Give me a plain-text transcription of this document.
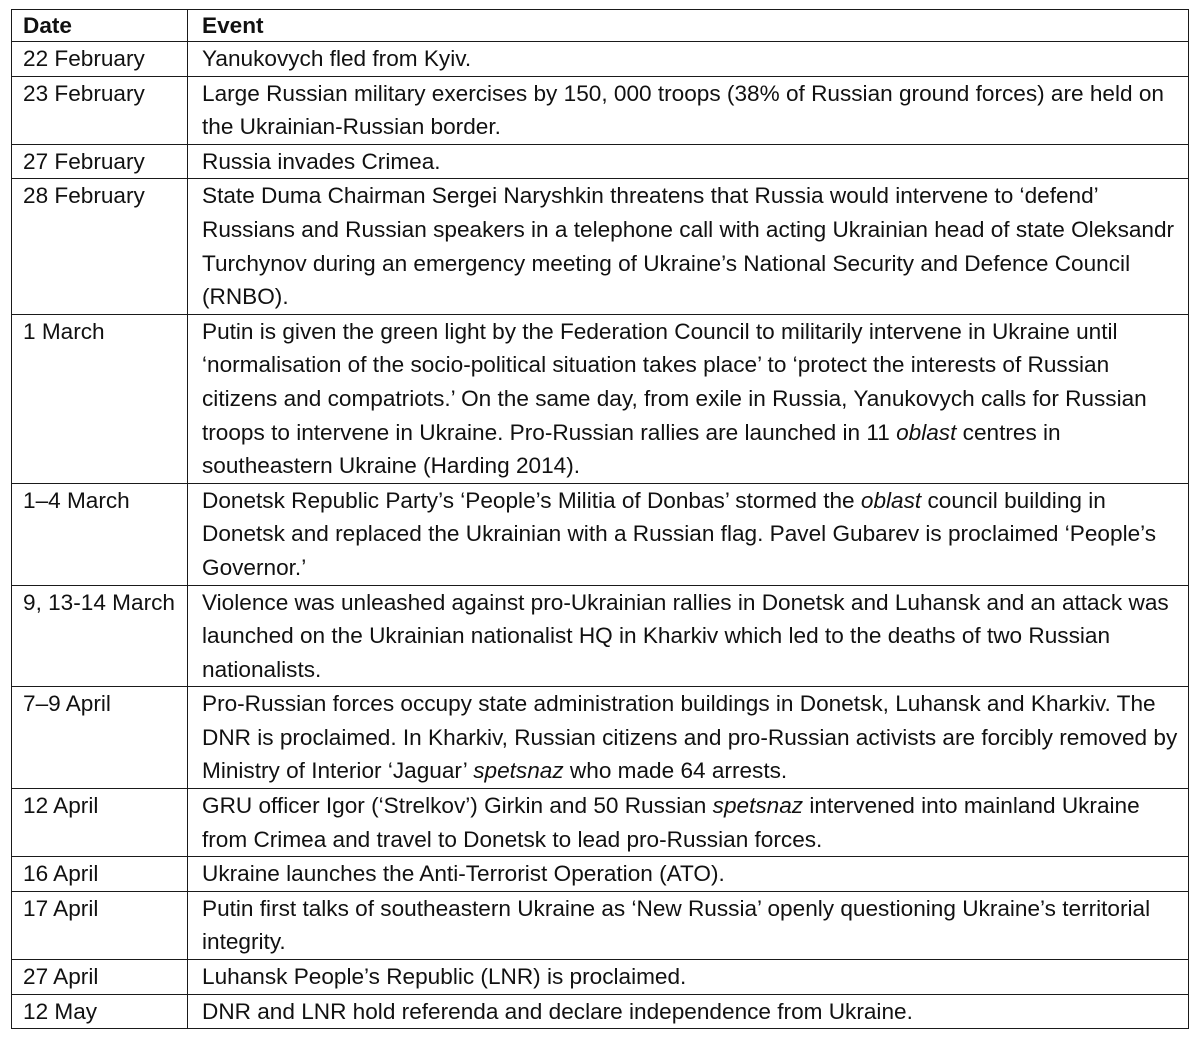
Date	Event
22 February	Yanukovych fled from Kyiv.
23 February	Large Russian military exercises by 150, 000 troops (38% of Russian ground forces) are held on the Ukrainian-Russian border.
27 February	Russia invades Crimea.
28 February	State Duma Chairman Sergei Naryshkin threatens that Russia would intervene to ‘defend’ Russians and Russian speakers in a telephone call with acting Ukrainian head of state Oleksandr Turchynov during an emergency meeting of Ukraine’s National Security and Defence Council (RNBO).
1 March	Putin is given the green light by the Federation Council to militarily intervene in Ukraine until ‘normalisation of the socio-political situation takes place’ to ‘protect the interests of Russian citizens and compatriots.’ On the same day, from exile in Russia, Yanukovych calls for Russian troops to intervene in Ukraine. Pro-Russian rallies are launched in 11 oblast centres in southeastern Ukraine (Harding 2014).
1–4 March	Donetsk Republic Party’s ‘People’s Militia of Donbas’ stormed the oblast council building in Donetsk and replaced the Ukrainian with a Russian flag. Pavel Gubarev is proclaimed ‘People’s Governor.’
9, 13-14 March	Violence was unleashed against pro-Ukrainian rallies in Donetsk and Luhansk and an attack was launched on the Ukrainian nationalist HQ in Kharkiv which led to the deaths of two Russian nationalists.
7–9 April	Pro-Russian forces occupy state administration buildings in Donetsk, Luhansk and Kharkiv. The DNR is proclaimed. In Kharkiv, Russian citizens and pro-Russian activists are forcibly removed by Ministry of Interior ‘Jaguar’ spetsnaz who made 64 arrests.
12 April	GRU officer Igor (‘Strelkov’) Girkin and 50 Russian spetsnaz intervened into mainland Ukraine from Crimea and travel to Donetsk to lead pro-Russian forces.
16 April	Ukraine launches the Anti-Terrorist Operation (ATO).
17 April	Putin first talks of southeastern Ukraine as ‘New Russia’ openly questioning Ukraine’s territorial integrity.
27 April	Luhansk People’s Republic (LNR) is proclaimed.
12 May	DNR and LNR hold referenda and declare independence from Ukraine.
